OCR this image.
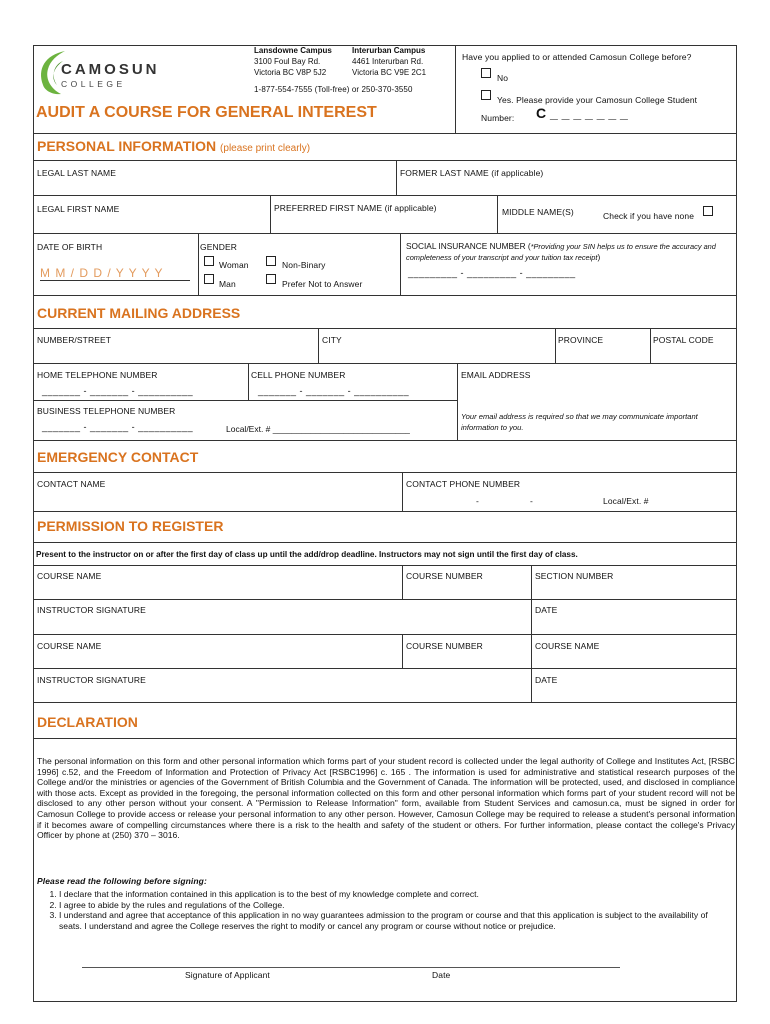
CAMOSUN
COLLEGE
Lansdowne Campus
3100 Foul Bay Rd.
Victoria BC V8P 5J2
Interurban Campus
4461 Interurban Rd.
Victoria BC V9E 2C1
1-877-554-7555 (Toll-free) or 250-370-3550
AUDIT A COURSE FOR GENERAL INTEREST
Have you applied to or attended Camosun College before?
No
Yes. Please provide your Camosun College Student
Number: C _ _ _ _ _ _ _
PERSONAL INFORMATION (please print clearly)
LEGAL LAST NAME	FORMER LAST NAME (if applicable)
LEGAL FIRST NAME	PREFERRED FIRST NAME (if applicable)	MIDDLE NAME(S)	Check if you have none
DATE OF BIRTH
M M / D D / Y Y Y Y
GENDER
Woman	Non-Binary
Man	Prefer Not to Answer
SOCIAL INSURANCE NUMBER (*Providing your SIN helps us to ensure the accuracy and completeness of your transcript and your tuition tax receipt)
_________ - _________ - _________
CURRENT MAILING ADDRESS
NUMBER/STREET	CITY	PROVINCE	POSTAL CODE
HOME TELEPHONE NUMBER
_______ - _______ - __________
CELL PHONE NUMBER
_______ - _______ - __________
EMAIL ADDRESS
BUSINESS TELEPHONE NUMBER
_______ - _______ - __________	Local/Ext. # _____________________________
Your email address is required so that we may communicate important information to you.
EMERGENCY CONTACT
CONTACT NAME	CONTACT PHONE NUMBER
-	-	Local/Ext. #
PERMISSION TO REGISTER
Present to the instructor on or after the first day of class up until the add/drop deadline. Instructors may not sign until the first day of class.
COURSE NAME	COURSE NUMBER	SECTION NUMBER
INSTRUCTOR SIGNATURE	DATE
COURSE NAME	COURSE NUMBER	COURSE NAME
INSTRUCTOR SIGNATURE	DATE
DECLARATION
The personal information on this form and other personal information which forms part of your student record is collected under the legal authority of College and Institutes Act, [RSBC 1996] c.52, and the Freedom of Information and Protection of Privacy Act [RSBC1996] c. 165 . The information is used for administrative and statistical research purposes of the College and/or the ministries or agencies of the Government of British Columbia and the Government of Canada. The information will be protected, used, and disclosed in compliance with those acts. Except as provided in the foregoing, the personal information collected on this form and other personal information which forms part of your student record will not be disclosed to any other person without your consent. A "Permission to Release Information" form, available from Student Services and camosun.ca, must be signed in order for Camosun College to provide access or release your personal information to any other person. However, Camosun College may be required to release a student's personal information if it becomes aware of compelling circumstances where there is a risk to the health and safety of the student or others. For further information, please contact the college's Privacy Officer by phone at (250) 370 – 3016.
Please read the following before signing:
1. I declare that the information contained in this application is to the best of my knowledge complete and correct.
2. I agree to abide by the rules and regulations of the College.
3. I understand and agree that acceptance of this application in no way guarantees admission to the program or course and that this application is subject to the availability of seats. I understand and agree the College reserves the right to modify or cancel any program or course without notice or prejudice.
Signature of Applicant	Date
